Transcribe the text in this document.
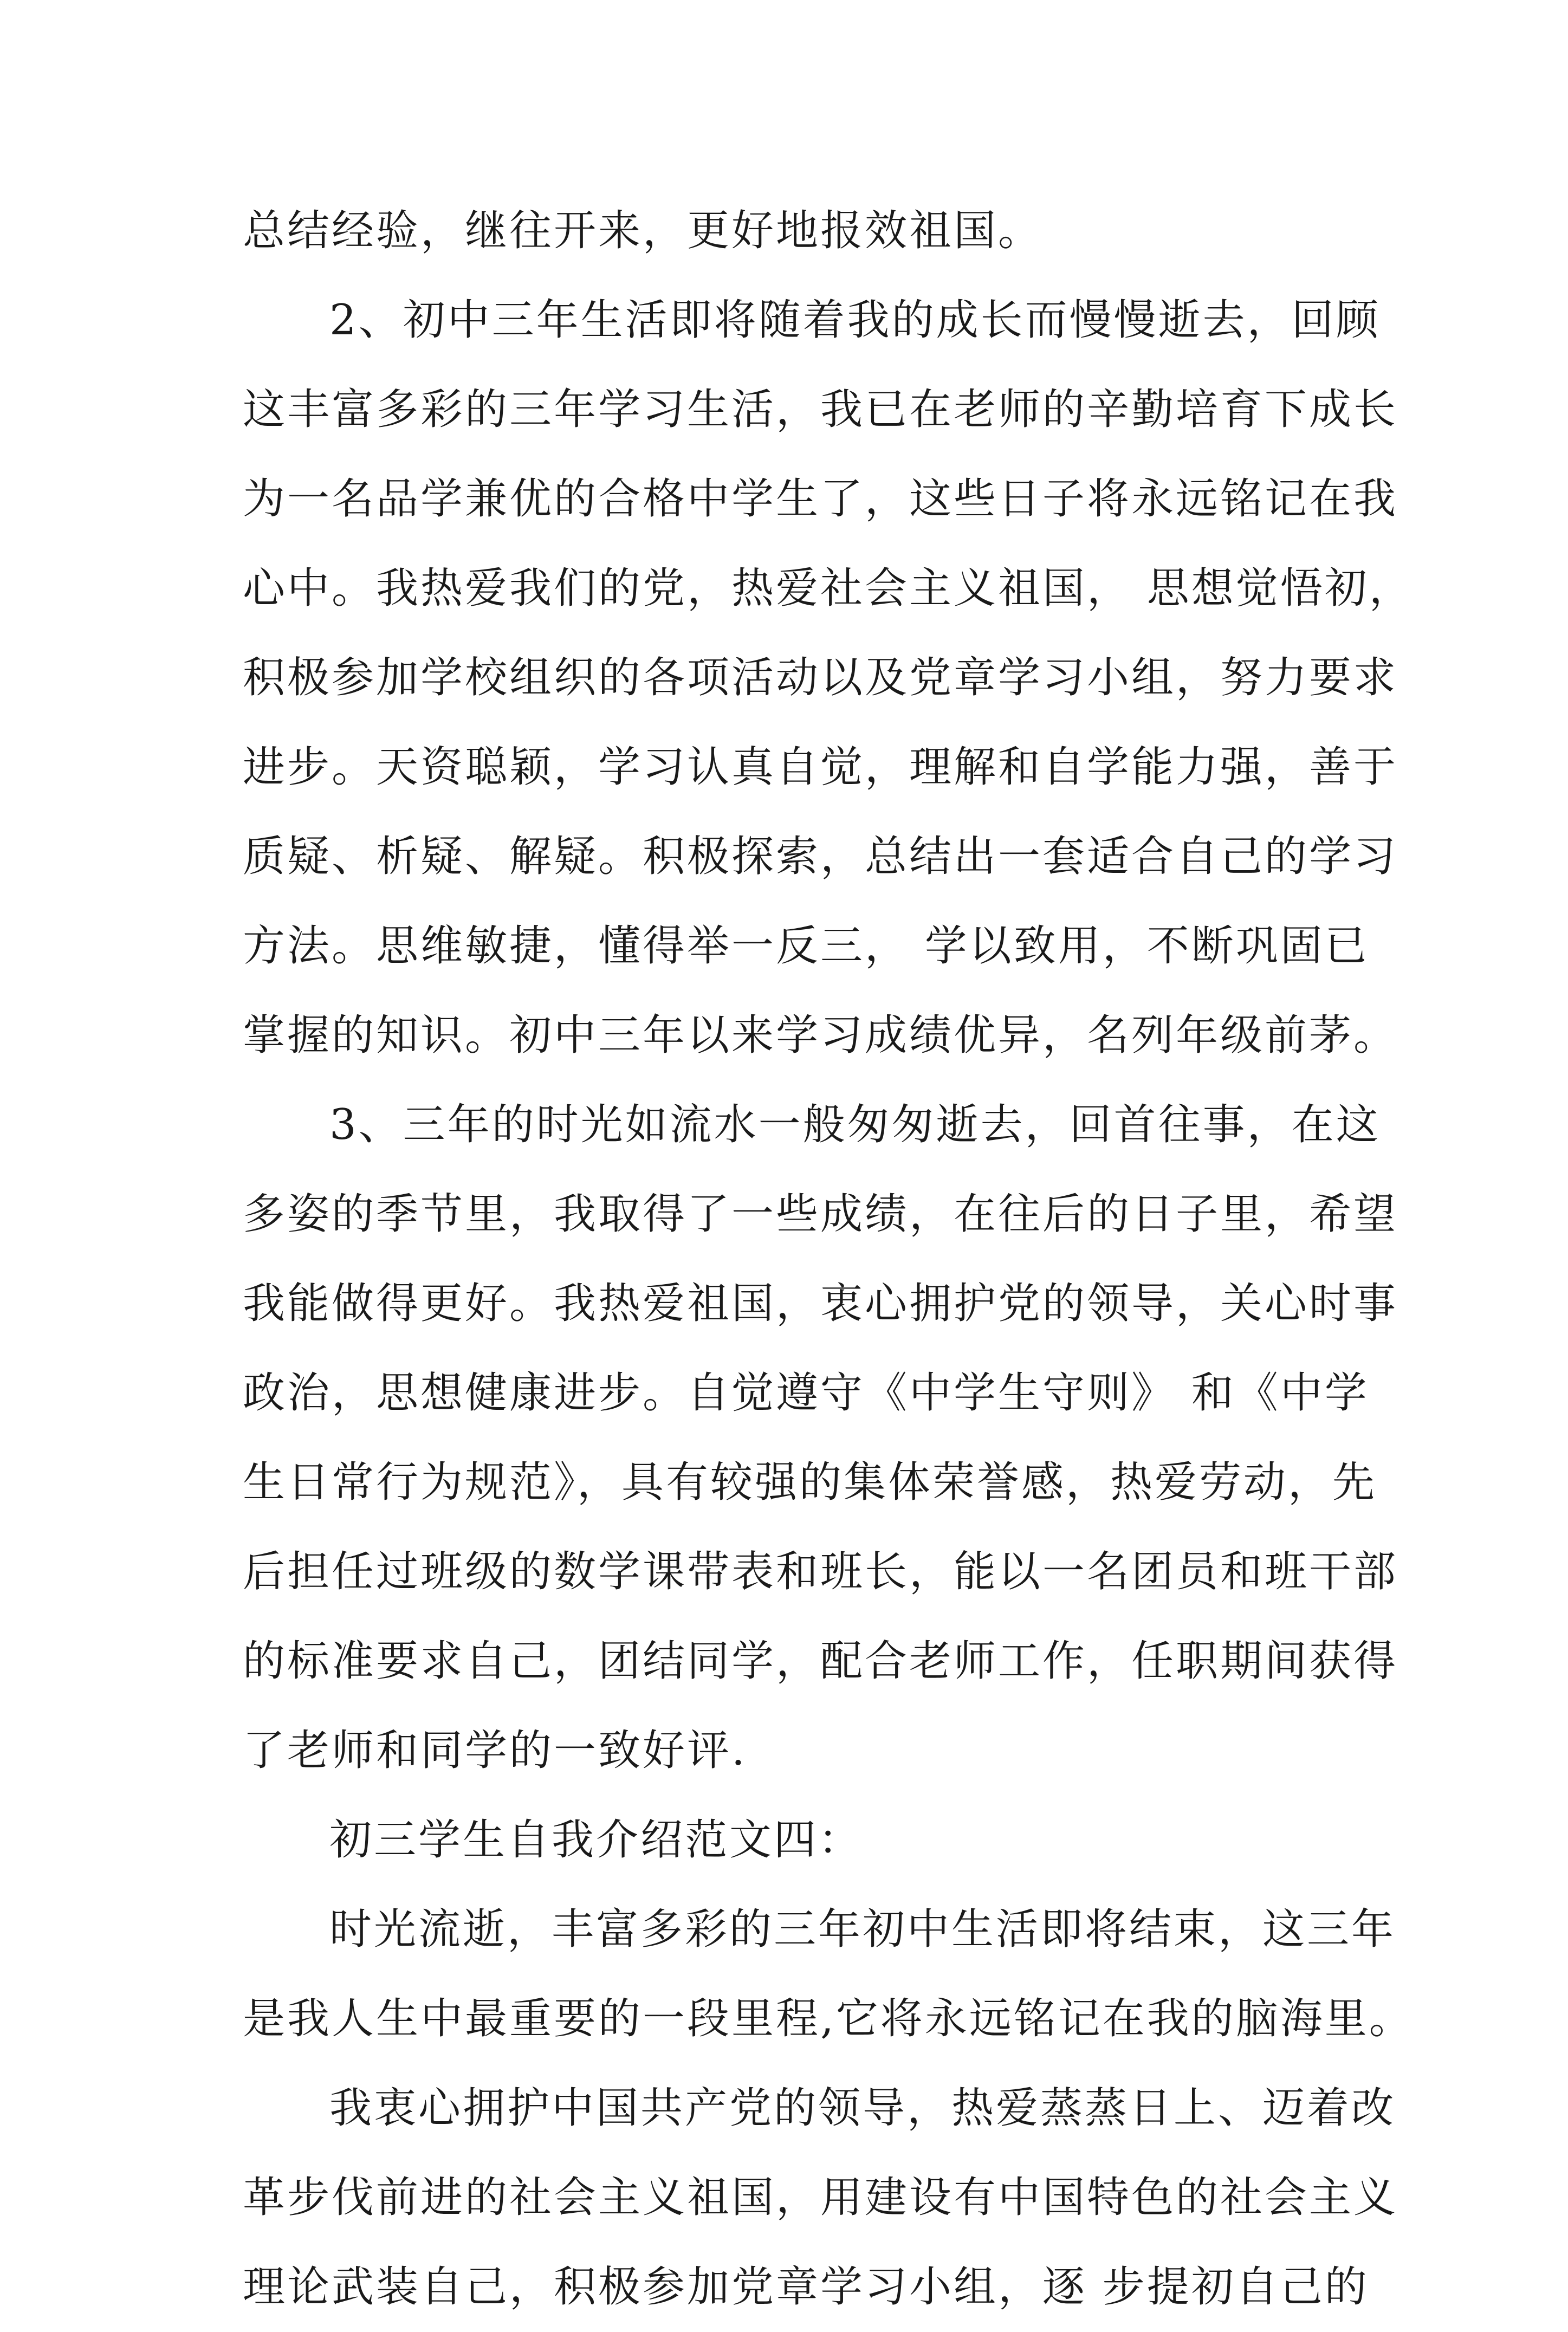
总结经验，继往开来，更好地报效祖国。
2、初中三年生活即将随着我的成长而慢慢逝去，回顾
这丰富多彩的三年学习生活，我已在老师的辛勤培育下成长
为一名品学兼优的合格中学生了，这些日子将永远铭记在我
心中。我热爱我们的党，热爱社会主义祖国， 思想觉悟初，
积极参加学校组织的各项活动以及党章学习小组，努力要求
进步。天资聪颖，学习认真自觉，理解和自学能力强，善于
质疑、析疑、解疑。积极探索，总结出一套适合自己的学习
方法。思维敏捷，懂得举一反三， 学以致用，不断巩固已
掌握的知识。初中三年以来学习成绩优异，名列年级前茅。
3、三年的时光如流水一般匆匆逝去，回首往事，在这
多姿的季节里，我取得了一些成绩，在往后的日子里，希望
我能做得更好。我热爱祖国，衷心拥护党的领导，关心时事
政治，思想健康进步。自觉遵守《中学生守则》 和《中学
生日常行为规范》，具有较强的集体荣誉感，热爱劳动，先
后担任过班级的数学课带表和班长，能以一名团员和班干部
的标准要求自己，团结同学，配合老师工作，任职期间获得
了老师和同学的一致好评.
初三学生自我介绍范文四：
时光流逝，丰富多彩的三年初中生活即将结束，这三年
是我人生中最重要的一段里程,它将永远铭记在我的脑海里。
我衷心拥护中国共产党的领导，热爱蒸蒸日上、迈着改
革步伐前进的社会主义祖国，用建设有中国特色的社会主义
理论武装自己，积极参加党章学习小组，逐 步提初自己的
